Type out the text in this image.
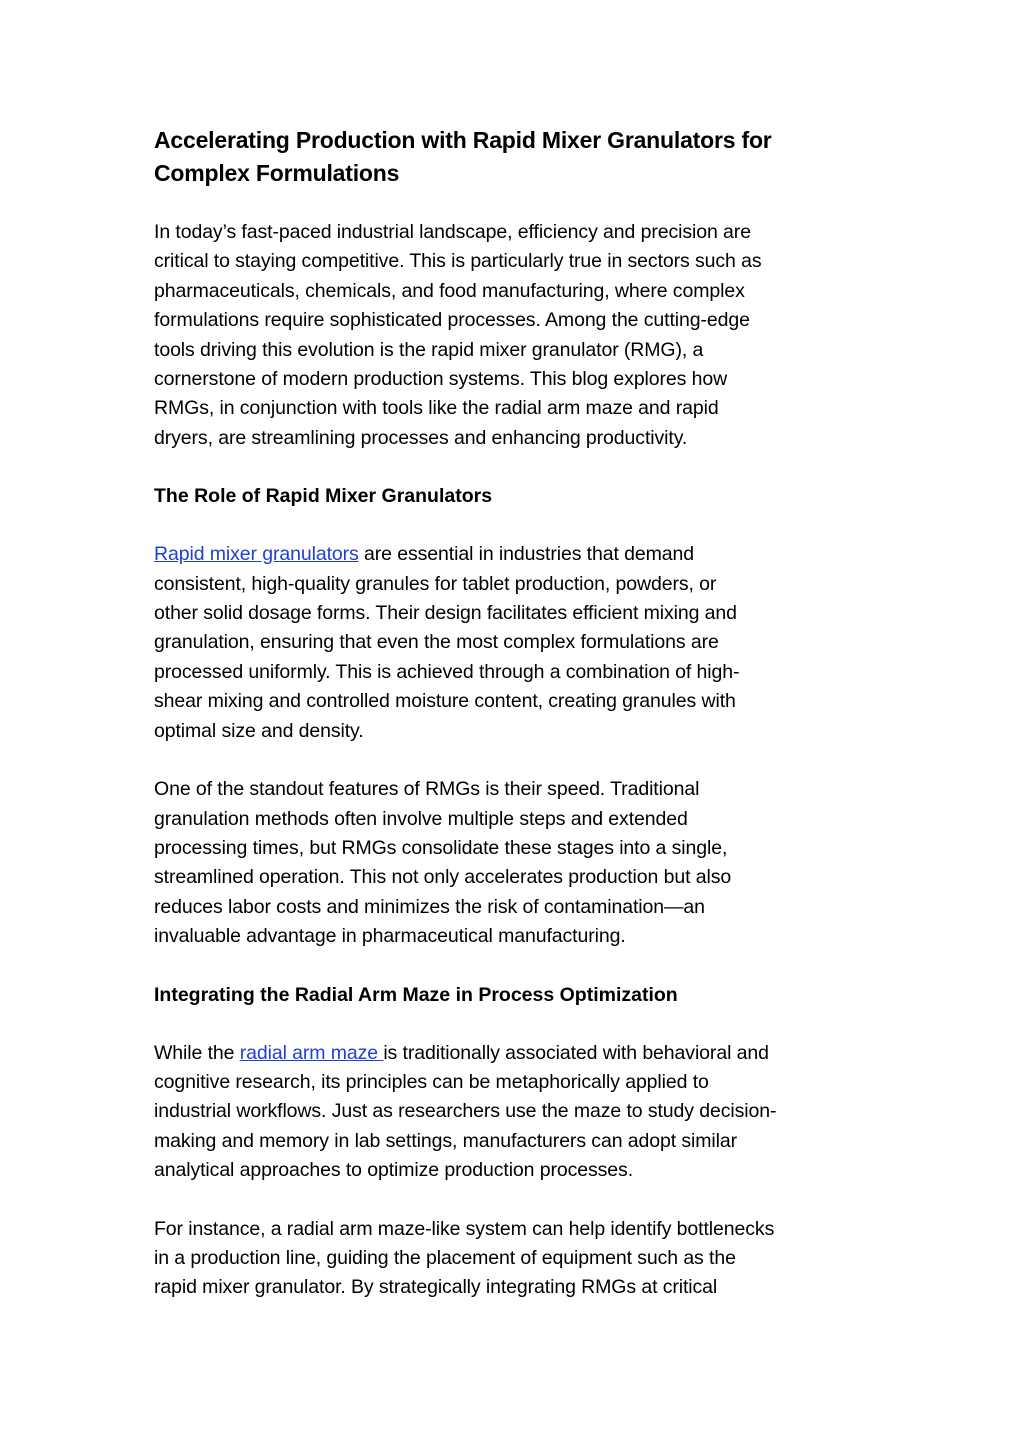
Accelerating Production with Rapid Mixer Granulators for
Complex Formulations

In today’s fast-paced industrial landscape, efficiency and precision are
critical to staying competitive. This is particularly true in sectors such as
pharmaceuticals, chemicals, and food manufacturing, where complex
formulations require sophisticated processes. Among the cutting-edge
tools driving this evolution is the rapid mixer granulator (RMG), a
cornerstone of modern production systems. This blog explores how
RMGs, in conjunction with tools like the radial arm maze and rapid
dryers, are streamlining processes and enhancing productivity.

The Role of Rapid Mixer Granulators

Rapid mixer granulators are essential in industries that demand
consistent, high-quality granules for tablet production, powders, or
other solid dosage forms. Their design facilitates efficient mixing and
granulation, ensuring that even the most complex formulations are
processed uniformly. This is achieved through a combination of high-
shear mixing and controlled moisture content, creating granules with
optimal size and density.

One of the standout features of RMGs is their speed. Traditional
granulation methods often involve multiple steps and extended
processing times, but RMGs consolidate these stages into a single,
streamlined operation. This not only accelerates production but also
reduces labor costs and minimizes the risk of contamination—an
invaluable advantage in pharmaceutical manufacturing.

Integrating the Radial Arm Maze in Process Optimization

While the radial arm maze is traditionally associated with behavioral and
cognitive research, its principles can be metaphorically applied to
industrial workflows. Just as researchers use the maze to study decision-
making and memory in lab settings, manufacturers can adopt similar
analytical approaches to optimize production processes.

For instance, a radial arm maze-like system can help identify bottlenecks
in a production line, guiding the placement of equipment such as the
rapid mixer granulator. By strategically integrating RMGs at critical
